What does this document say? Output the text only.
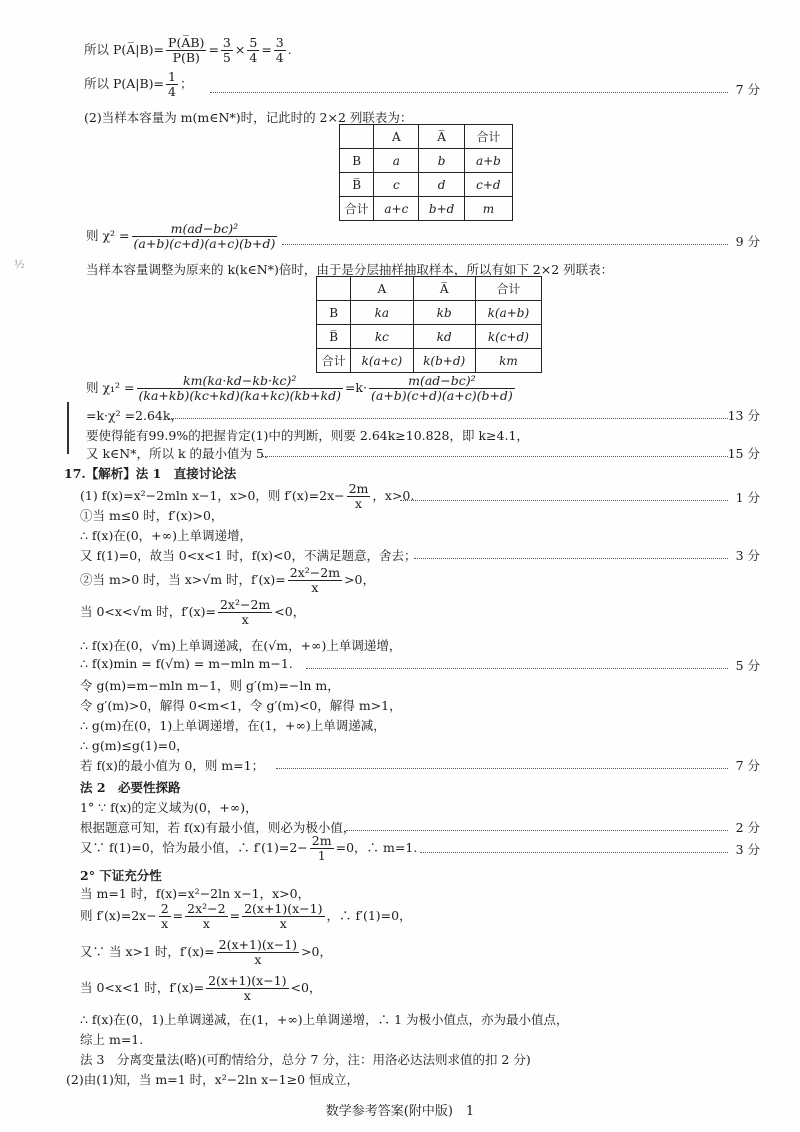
所以 P(A̅|B)= $\frac{P(A̅B)}{P(B)} = \frac{3}{5} \times \frac{5}{4} = \frac{3}{4}$ .
所以 $P(A|B)= \frac{1}{4}$ ；	7 分
(2)当样本容量为 m(m∈N*)时，记此时的 2×2 列联表为：
	A	A̅	合计
B	a	b	a+b
B̅	c	d	c+d
合计	a+c	b+d	m
则 $\chi^2 = \frac{\text{m(ad−bc)²}}{(a+b)(c+d)(a+c)(b+d)}$	9 分
½	当样本容量调整为原来的 k(k∈N*)倍时，由于是分层抽样抽取样本，所以有如下 2×2 列联表：
	A	A̅	合计
B	ka	kb	k(a+b)
B̅	kc	kd	k(c+d)
合计	k(a+c)	k(b+d)	km
则 $\chi_1^2 = \frac{\text{km(ka·kd−kb·kc)²}}{(ka+kb)(kc+kd)(ka+kc)(kb+kd)} =k\cdot \frac{\text{m(ad−bc)²}}{(a+b)(c+d)(a+c)(b+d)}$
=k·χ² =2.64k，	13 分
要使得能有99.9%的把握肯定(1)中的判断，则要 2.64k≥10.828，即 k≥4.1，
又 k∈N*，所以 k 的最小值为 5.	15 分
17.【解析】法 1　直接讨论法
(1) f(x)=x²−2mln x−1，x>0，则 $f'(x)=2x- \frac{2m}{x}$ ，x>0.	1 分
①当 m≤0 时，f′(x)>0，
∴ f(x)在(0，+∞)上单调递增，
又 f(1)=0，故当 0<x<1 时，f(x)<0，不满足题意，舍去；	3 分
②当 m>0 时，当 x>√m 时，$f'(x)= \frac{\text{2x²−2m}}{x} >0$，
当 0<x<√m 时，$f'(x)= \frac{\text{2x²−2m}}{x} <0$，
∴ f(x)在(0，√m)上单调递减，在(√m，+∞)上单调递增，
∴ f(x)min = f(√m) = m−mln m−1.	5 分
令 g(m)=m−mln m−1，则 g′(m)=−ln m，
令 g′(m)>0，解得 0<m<1，令 g′(m)<0，解得 m>1，
∴ g(m)在(0，1)上单调递增，在(1，+∞)上单调递减，
∴ g(m)≤g(1)=0，
若 f(x)的最小值为 0，则 m=1；	7 分
法 2　必要性探路
1° ∵ f(x)的定义域为(0，+∞)，
根据题意可知，若 f(x)有最小值，则必为极小值，	2 分
又∵ f(1)=0，恰为最小值，∴ $f'(1)=2- \frac{2m}{1} =0$，∴ m=1.	3 分
2° 下证充分性
当 m=1 时，f(x)=x²−2ln x−1，x>0，
则 $f'(x)=2x- \frac{2}{x} = \frac{\text{2x²−2}}{x} = \frac{2(x+1)(x-1)}{x}$ ，∴ f′(1)=0，
又∵ 当 x>1 时，$f'(x)= \frac{2(x+1)(x-1)}{x} >0$，
当 0<x<1 时，$f'(x)= \frac{2(x+1)(x-1)}{x} <0$，
∴ f(x)在(0，1)上单调递减，在(1，+∞)上单调递增，∴ 1 为极小值点，亦为最小值点，
综上 m=1.
法 3　分离变量法(略)(可酌情给分，总分 7 分，注：用洛必达法则求值的扣 2 分)
(2)由(1)知，当 m=1 时，x²−2ln x−1≥0 恒成立，
数学参考答案(附中版)　1
